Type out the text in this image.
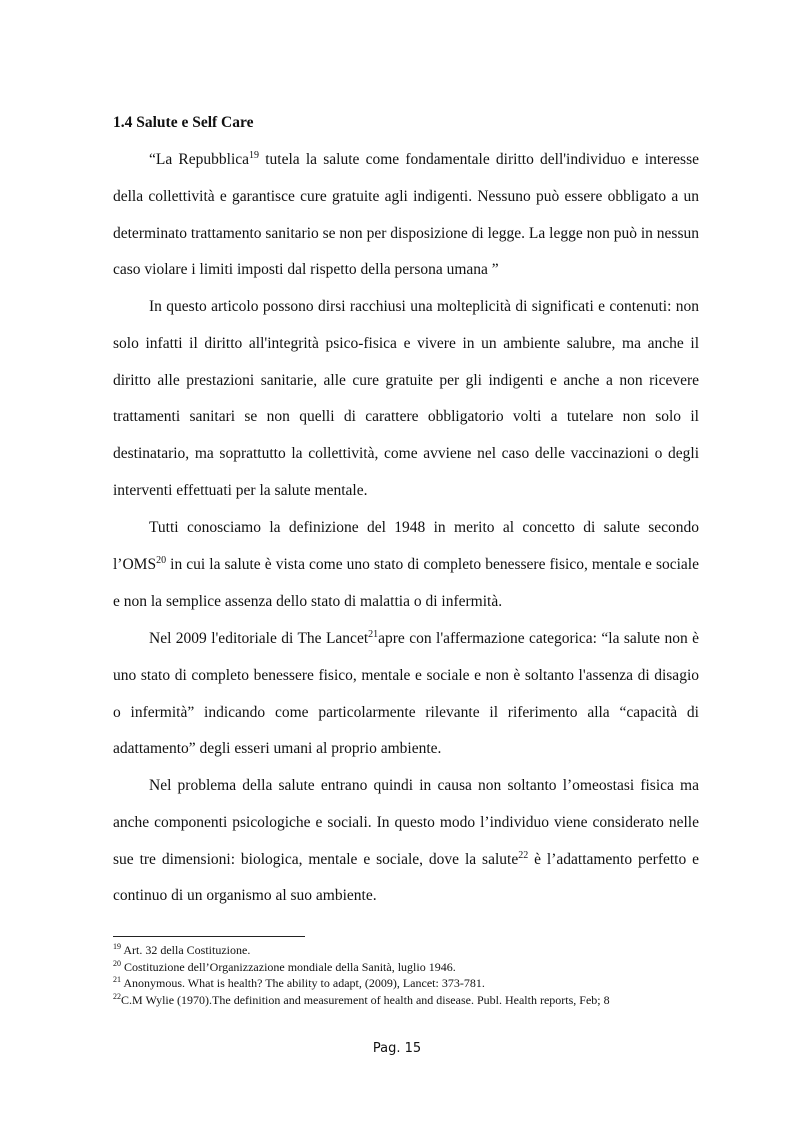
1.4 Salute e Self Care

“La Repubblica$^{19}$ tutela la salute come fondamentale diritto dell'individuo e interesse della collettività e garantisce cure gratuite agli indigenti. Nessuno può essere obbligato a un determinato trattamento sanitario se non per disposizione di legge. La legge non può in nessun caso violare i limiti imposti dal rispetto della persona umana ”

In questo articolo possono dirsi racchiusi una molteplicità di significati e contenuti: non solo infatti il diritto all'integrità psico-fisica e vivere in un ambiente salubre, ma anche il diritto alle prestazioni sanitarie, alle cure gratuite per gli indigenti e anche a non ricevere trattamenti sanitari se non quelli di carattere obbligatorio volti a tutelare non solo il destinatario, ma soprattutto la collettività, come avviene nel caso delle vaccinazioni o degli interventi effettuati per la salute mentale.

Tutti conosciamo la definizione del 1948 in merito al concetto di salute secondo l’OMS$^{20}$ in cui la salute è vista come uno stato di completo benessere fisico, mentale e sociale e non la semplice assenza dello stato di malattia o di infermità.

Nel 2009 l'editoriale di The Lancet$^{21}$apre con l'affermazione categorica: “la salute non è uno stato di completo benessere fisico, mentale e sociale e non è soltanto l'assenza di disagio o infermità” indicando come particolarmente rilevante il riferimento alla “capacità di adattamento” degli esseri umani al proprio ambiente.

Nel problema della salute entrano quindi in causa non soltanto l’omeostasi fisica ma anche componenti psicologiche e sociali. In questo modo l’individuo viene considerato nelle sue tre dimensioni: biologica, mentale e sociale, dove la salute$^{22}$ è l’adattamento perfetto e continuo di un organismo al suo ambiente.

$^{19}$ Art. 32 della Costituzione.

$^{20}$ Costituzione dell’Organizzazione mondiale della Sanità, luglio 1946.

$^{21}$ Anonymous. What is health? The ability to adapt, (2009), Lancet: 373-781.

$^{22}$C.M Wylie (1970).The definition and measurement of health and disease. Publ. Health reports, Feb; 8

Pag. 15
